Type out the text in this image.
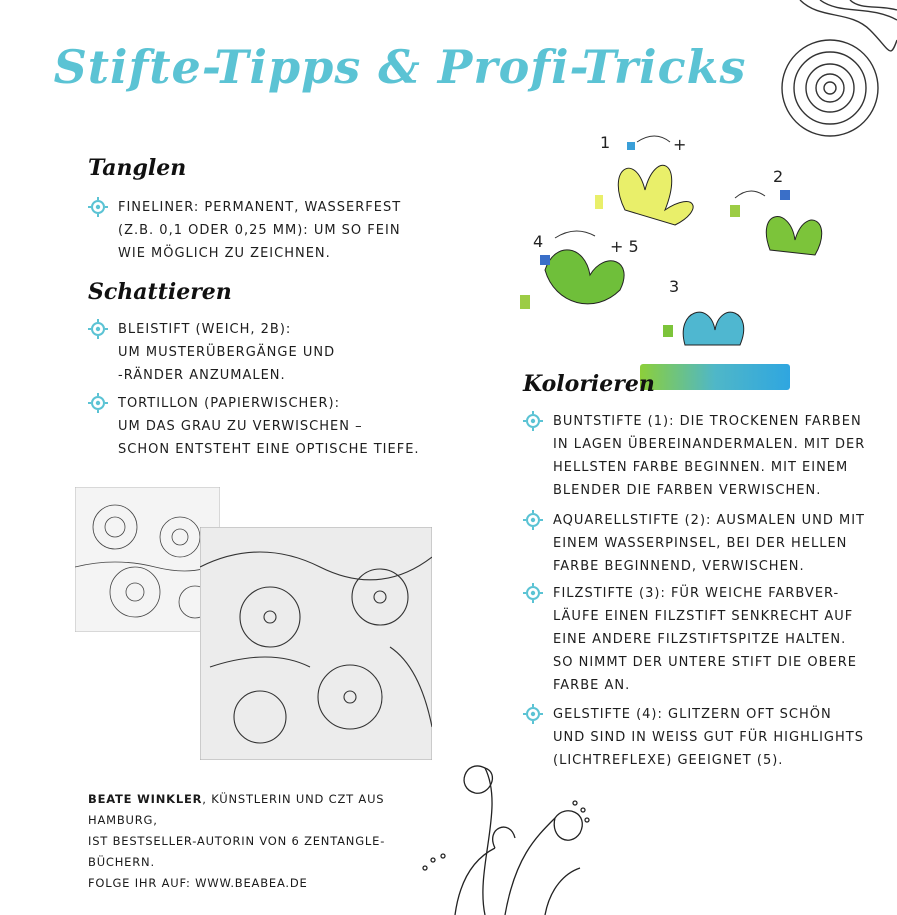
Stifte-Tipps & Profi-Tricks
Tanglen
FINELINER: PERMANENT, WASSERFEST
(Z.B. 0,1 ODER 0,25 MM): UM SO FEIN
WIE MÖGLICH ZU ZEICHNEN.
Schattieren
BLEISTIFT (WEICH, 2B):
UM MUSTERÜBERGÄNGE UND
-RÄNDER ANZUMALEN.
TORTILLON (PAPIERWISCHER):
UM DAS GRAU ZU VERWISCHEN –
SCHON ENTSTEHT EINE OPTISCHE TIEFE.
1
2
3
4	+ 5
+
Kolorieren
BUNTSTIFTE (1): DIE TROCKENEN FARBEN
IN LAGEN ÜBEREINANDERMALEN. MIT DER
HELLSTEN FARBE BEGINNEN. MIT EINEM
BLENDER DIE FARBEN VERWISCHEN.
AQUARELLSTIFTE (2): AUSMALEN UND MIT
EINEM WASSERPINSEL, BEI DER HELLEN
FARBE BEGINNEND, VERWISCHEN.
FILZSTIFTE (3): FÜR WEICHE FARBVER-
LÄUFE EINEN FILZSTIFT SENKRECHT AUF
EINE ANDERE FILZSTIFTSPITZE HALTEN.
SO NIMMT DER UNTERE STIFT DIE OBERE
FARBE AN.
GELSTIFTE (4): GLITZERN OFT SCHÖN
UND SIND IN WEISS GUT FÜR HIGHLIGHTS
(LICHTREFLEXE) GEEIGNET (5).
BEATE WINKLER, KÜNSTLERIN UND CZT AUS HAMBURG,
IST BESTSELLER-AUTORIN VON 6 ZENTANGLE-BÜCHERN.
FOLGE IHR AUF: WWW.BEABEA.DE
